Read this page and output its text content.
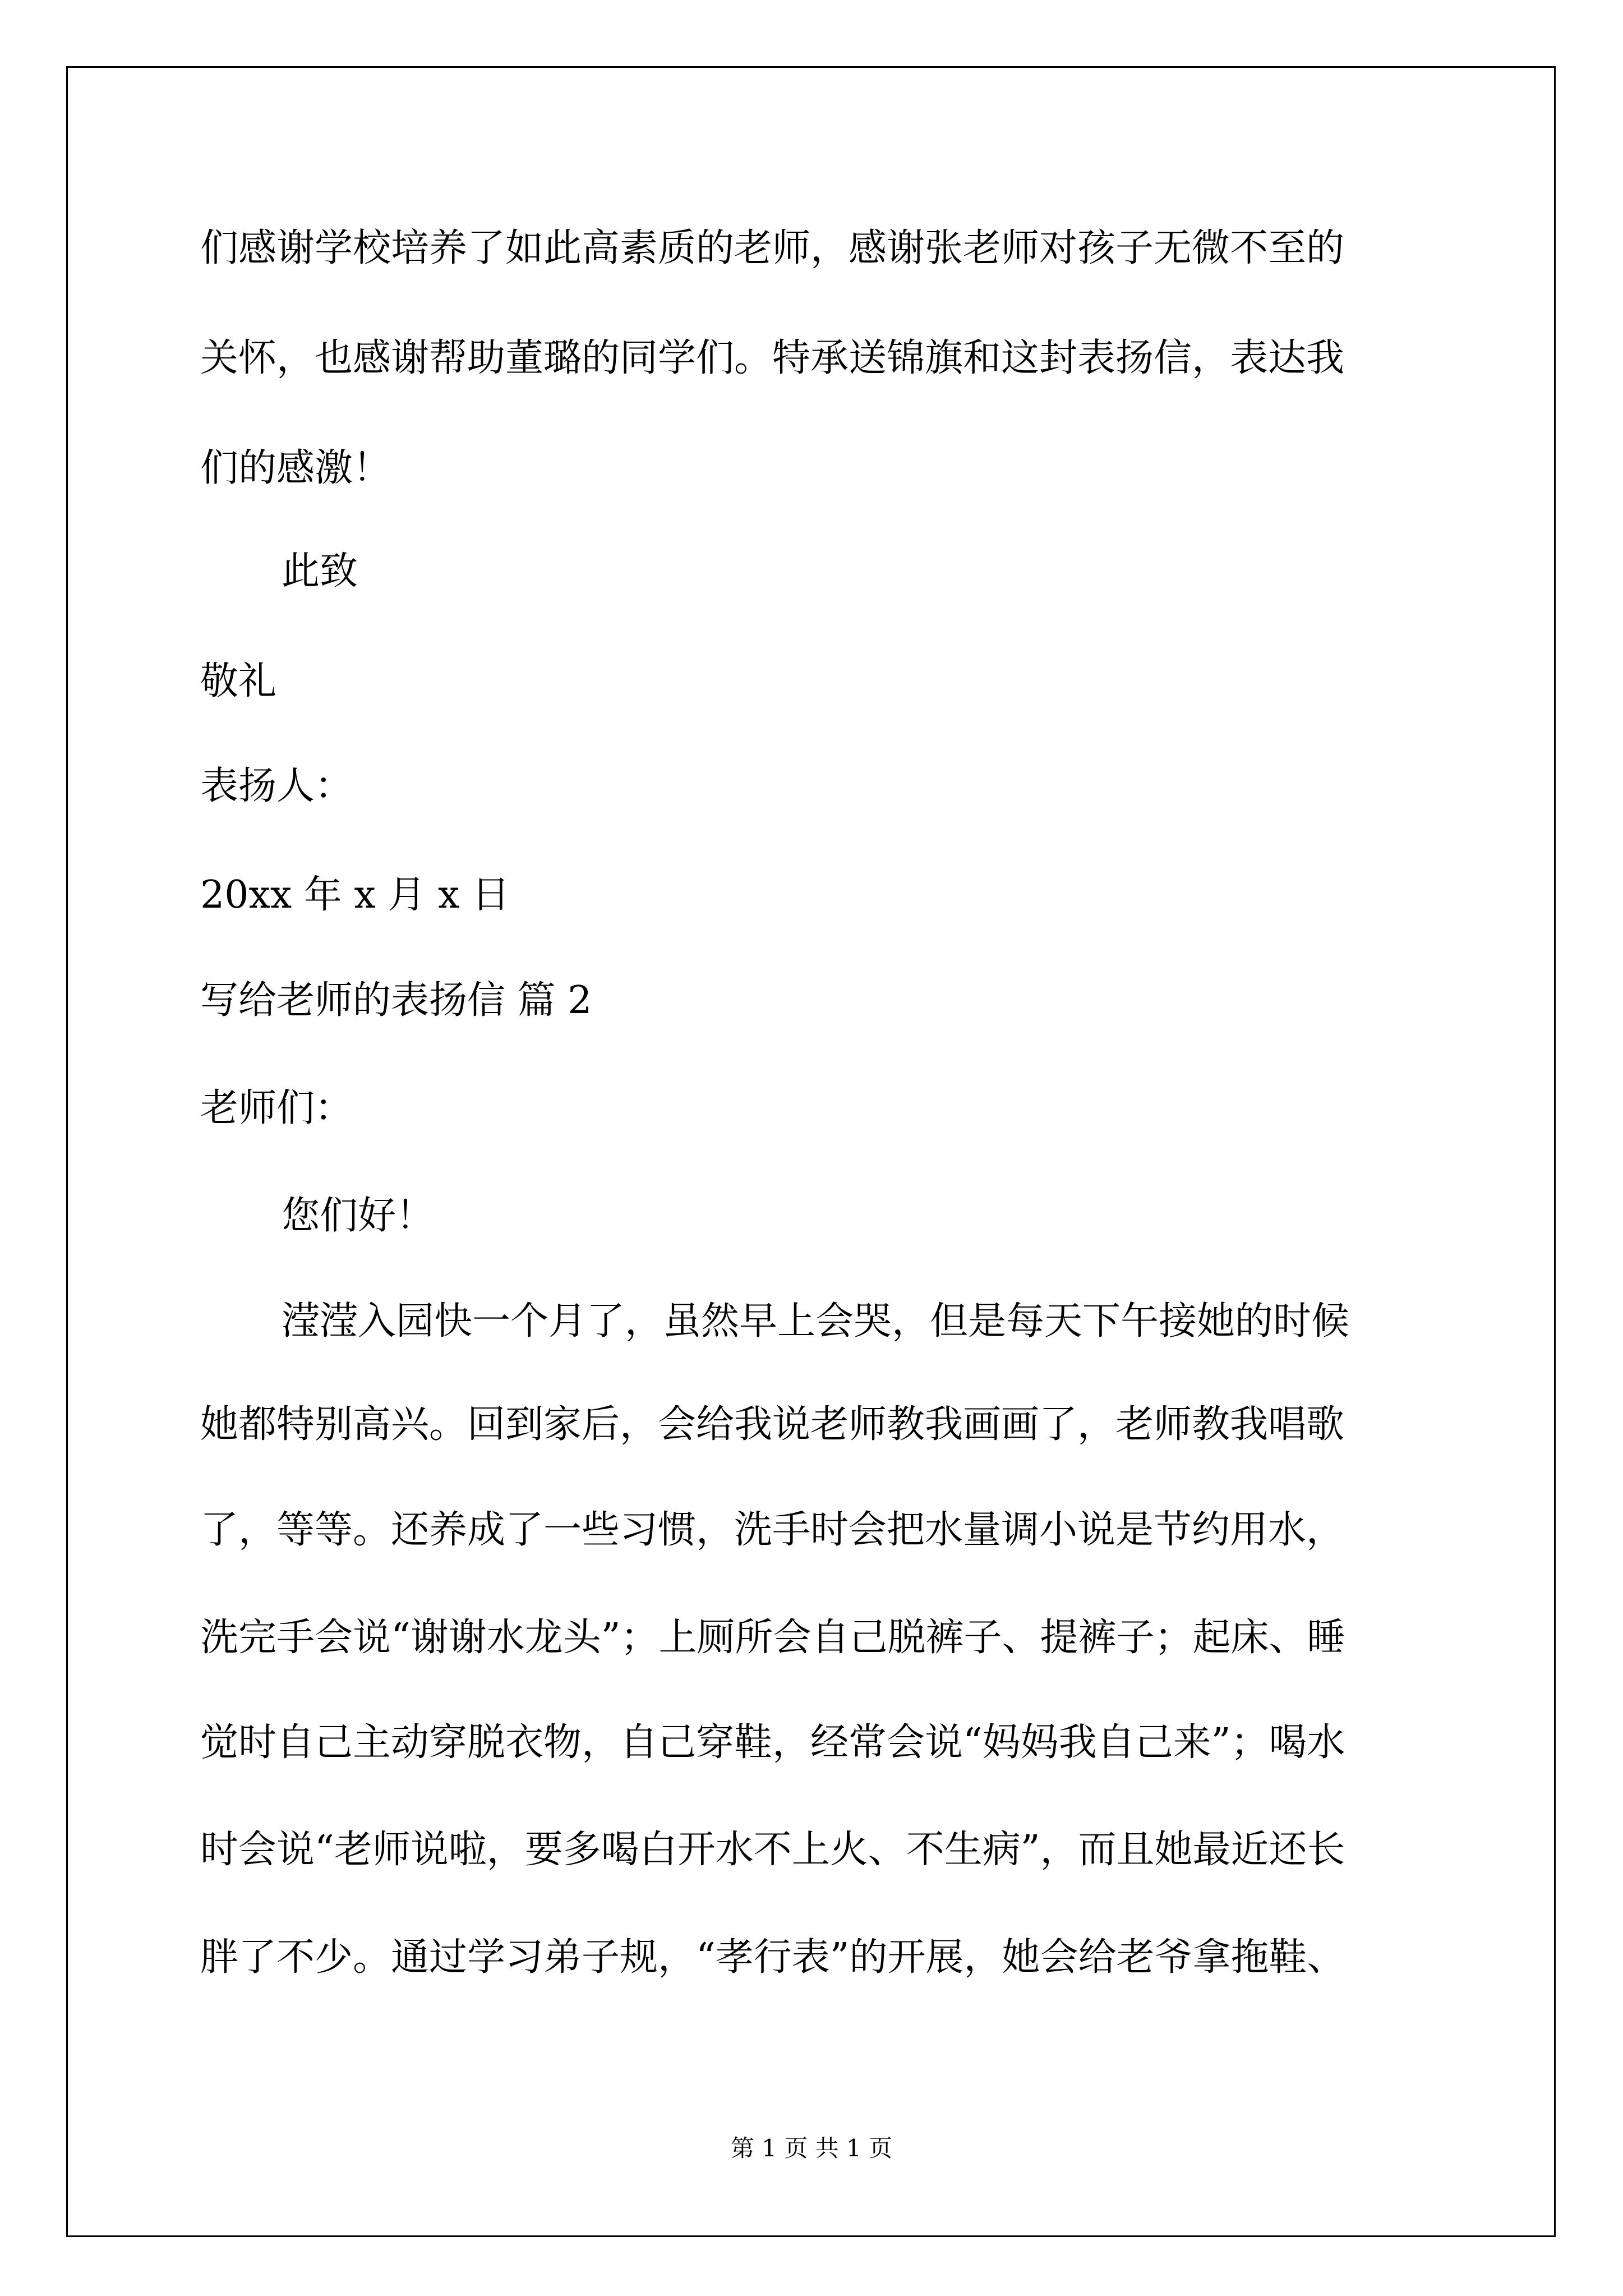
们感谢学校培养了如此高素质的老师，感谢张老师对孩子无微不至的

关怀，也感谢帮助董璐的同学们。特承送锦旗和这封表扬信，表达我

们的感激！

此致

敬礼

表扬人：

20xx 年 x 月 x 日

写给老师的表扬信 篇 2

老师们：

您们好！

滢滢入园快一个月了，虽然早上会哭，但是每天下午接她的时候

她都特别高兴。回到家后，会给我说老师教我画画了，老师教我唱歌

了，等等。还养成了一些习惯，洗手时会把水量调小说是节约用水，

洗完手会说“谢谢水龙头”；上厕所会自己脱裤子、提裤子；起床、睡

觉时自己主动穿脱衣物，自己穿鞋，经常会说“妈妈我自己来”；喝水

时会说“老师说啦，要多喝白开水不上火、不生病”，而且她最近还长

胖了不少。通过学习弟子规，“孝行表”的开展，她会给老爷拿拖鞋、

第 1 页 共 1 页
